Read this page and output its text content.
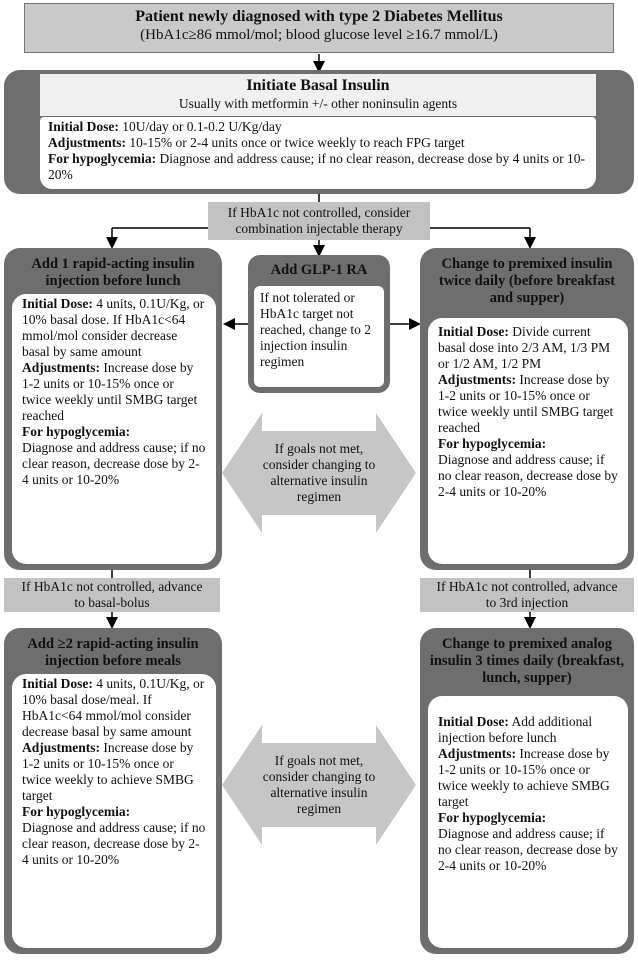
Patient newly diagnosed with type 2 Diabetes Mellitus
(HbA1c≥86 mmol/mol; blood glucose level ≥16.7 mmol/L)
Initiate Basal Insulin
Usually with metformin +/- other noninsulin agents

Initial Dose: 10U/day or 0.1-0.2 U/Kg/day

Adjustments: 10-15% or 2-4 units once or twice weekly to reach FPG target

For hypoglycemia: Diagnose and address cause; if no clear reason, decrease dose by 4 units or 10-20%

If HbA1c not controlled, consider
combination injectable therapy
Add 1 rapid-acting insulin injection before lunch

Initial Dose: 4 units, 0.1U/Kg, or 10% basal dose. If HbA1c<64 mmol/mol consider decrease basal by same amount

Adjustments: Increase dose by 1-2 units or 10-15% once or twice weekly until SMBG target reached

For hypoglycemia:

Diagnose and address cause; if no clear reason, decrease dose by 2-4 units or 10-20%

Add GLP-1 RA

If not tolerated or HbA1c target not reached, change to 2 injection insulin regimen

Change to premixed insulin twice daily (before breakfast and supper)

Initial Dose: Divide current basal dose into 2/3 AM, 1/3 PM or 1/2 AM, 1/2 PM

Adjustments: Increase dose by 1-2 units or 10-15% once or twice weekly until SMBG target reached

For hypoglycemia:

Diagnose and address cause; if no clear reason, decrease dose by 2-4 units or 10-20%

If goals not met, consider changing to alternative insulin regimen
If HbA1c not controlled, advance
to basal-bolus
If HbA1c not controlled, advance
to 3rd injection
Add ≥2 rapid-acting insulin injection before meals

Initial Dose: 4 units, 0.1U/Kg, or 10% basal dose/meal. If HbA1c<64 mmol/mol consider decrease basal by same amount

Adjustments: Increase dose by 1-2 units or 10-15% once or twice weekly to achieve SMBG target

For hypoglycemia:

Diagnose and address cause; if no clear reason, decrease dose by 2-4 units or 10-20%

If goals not met, consider changing to alternative insulin regimen
Change to premixed analog insulin 3 times daily (breakfast, lunch, supper)

Initial Dose: Add additional injection before lunch

Adjustments: Increase dose by 1-2 units or 10-15% once or twice weekly to achieve SMBG target

For hypoglycemia:

Diagnose and address cause; if no clear reason, decrease dose by 2-4 units or 10-20%
